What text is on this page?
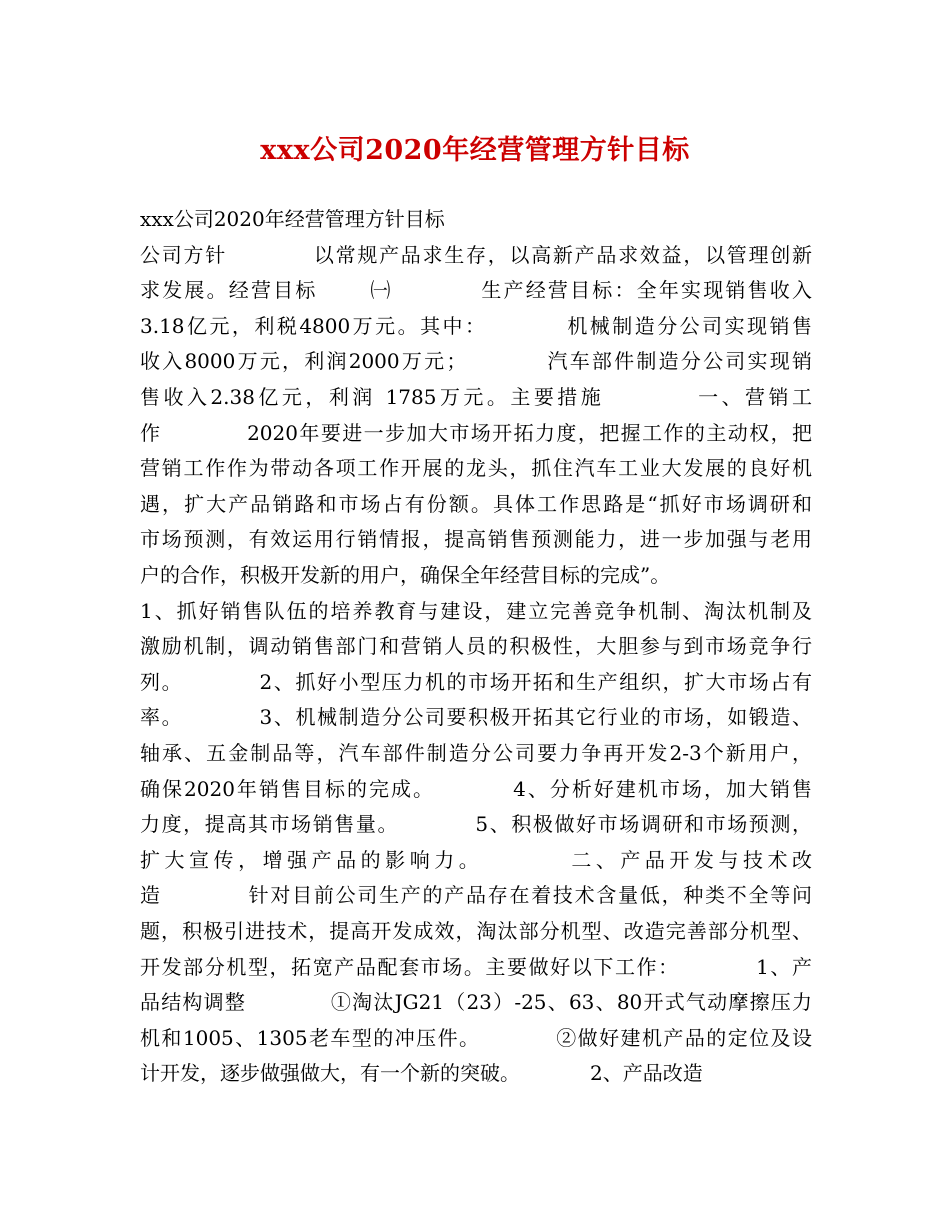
xxx公司2020年经营管理方针目标
xxx公司2020年经营管理方针目标
公司方针　　　　以常规产品求生存，以高新产品求效益，以管理创新
求发展。经营目标　　 ㈠　　　　生产经营目标：全年实现销售收入
3.18亿元，利税4800万元。其中：　　　　机械制造分公司实现销售
收入8000万元，利润2000万元；　　　　汽车部件制造分公司实现销
售收入2.38亿元，利润 1785万元。主要措施　　　　一、营销工
作　　　　2020年要进一步加大市场开拓力度，把握工作的主动权，把
营销工作作为带动各项工作开展的龙头，抓住汽车工业大发展的良好机
遇，扩大产品销路和市场占有份额。具体工作思路是“抓好市场调研和
市场预测，有效运用行销情报，提高销售预测能力，进一步加强与老用
户的合作，积极开发新的用户，确保全年经营目标的完成”。
1、抓好销售队伍的培养教育与建设，建立完善竞争机制、淘汰机制及
激励机制，调动销售部门和营销人员的积极性，大胆参与到市场竞争行
列。　　　　2、抓好小型压力机的市场开拓和生产组织，扩大市场占有
率。　　　　3、机械制造分公司要积极开拓其它行业的市场，如锻造、
轴承、五金制品等，汽车部件制造分公司要力争再开发2-3个新用户，
确保2020年销售目标的完成。　　　　4、分析好建机市场，加大销售
力度，提高其市场销售量。　　　　5、积极做好市场调研和市场预测，
扩大宣传，增强产品的影响力。　　　　二、产品开发与技术改
造　　　　针对目前公司生产的产品存在着技术含量低，种类不全等问
题，积极引进技术，提高开发成效，淘汰部分机型、改造完善部分机型、
开发部分机型，拓宽产品配套市场。主要做好以下工作：　　　　1、产
品结构调整　　　　①淘汰JG21（23）-25、63、80开式气动摩擦压力
机和1005、1305老车型的冲压件。　　　　②做好建机产品的定位及设
计开发，逐步做强做大，有一个新的突破。　　　　2、产品改造
